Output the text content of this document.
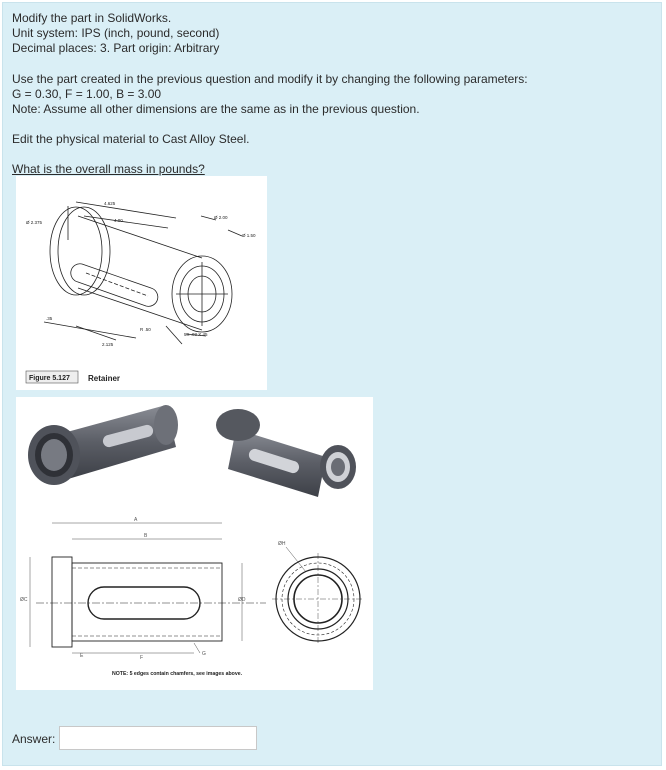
Modify the part in SolidWorks.
Unit system: IPS (inch, pound, second)
Decimal places: 3. Part origin: Arbitrary
Use the part created in the previous question and modify it by changing the following parameters:
G = 0.30, F = 1.00, B = 3.00
Note: Assume all other dimensions are the same as in the previous question.
Edit the physical material to Cast Alloy Steel.
What is the overall mass in pounds?
4.625
4.00
Ø 2.375
Ø 2.00
Ø 1.50
.35
R .50
2.125
5X .03 X 45
Figure 5.127 Retainer
A
B
ØC	ØD
E	F
G
ØH
NOTE: 5 edges contain chamfers, see images above.
Answer:
